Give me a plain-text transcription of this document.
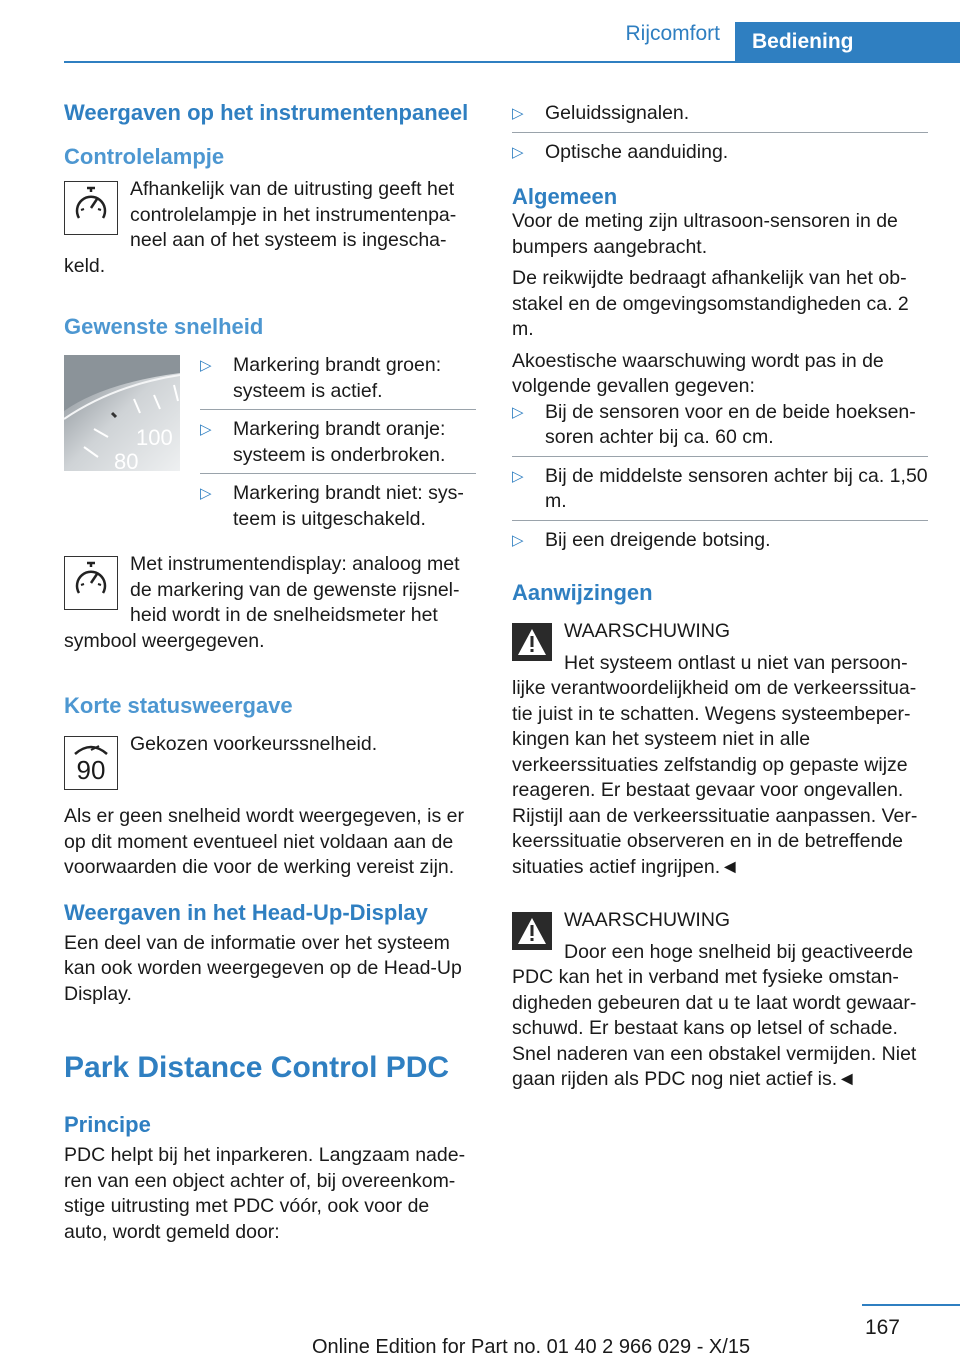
Rijcomfort Bediening
Weergaven op het instrumentenpaneel
Controlelampje

Afhankelijk van de uitrusting geeft het controlelampje in het instrumentenpa-neel aan of het systeem is ingescha-keld.

Gewenste snelheid
100
80
▷ Markering brandt groen: systeem is actief.
▷ Markering brandt oranje: systeem is onderbroken.
▷ Markering brandt niet: sys-teem is uitgeschakeld.

Met instrumentendisplay: analoog met de markering van de gewenste rijsnel-heid wordt in de snelheidsmeter het symbool weergegeven.

Korte statusweergave
90

Gekozen voorkeurssnelheid.

Als er geen snelheid wordt weergegeven, is er op dit moment eventueel niet voldaan aan de voorwaarden die voor de werking vereist zijn.

Weergaven in het Head-Up-Display

Een deel van de informatie over het systeem kan ook worden weergegeven op de Head-Up Display.

Park Distance Control PDC
Principe

PDC helpt bij het inparkeren. Langzaam nade-ren van een object achter of, bij overeenkom-stige uitrusting met PDC vóór, ook voor de auto, wordt gemeld door:

▷ Geluidssignalen.
▷ Optische aanduiding.
Algemeen

Voor de meting zijn ultrasoon-sensoren in de bumpers aangebracht.

De reikwijdte bedraagt afhankelijk van het ob-stakel en de omgevingsomstandigheden ca. 2 m.

Akoestische waarschuwing wordt pas in de volgende gevallen gegeven:

▷ Bij de sensoren voor en de beide hoeksen-soren achter bij ca. 60 cm.
▷ Bij de middelste sensoren achter bij ca. 1,50 m.
▷ Bij een dreigende botsing.
Aanwijzingen
WAARSCHUWING

Het systeem ontlast u niet van persoon-lijke verantwoordelijkheid om de verkeerssitua-tie juist in te schatten. Wegens systeembeper-kingen kan het systeem niet in alle verkeerssituaties zelfstandig op gepaste wijze reageren. Er bestaat gevaar voor ongevallen. Rijstijl aan de verkeerssituatie aanpassen. Ver-keerssituatie observeren en in de betreffende situaties actief ingrijpen.◄

WAARSCHUWING

Door een hoge snelheid bij geactiveerde PDC kan het in verband met fysieke omstan-digheden gebeuren dat u te laat wordt gewaar-schuwd. Er bestaat kans op letsel of schade. Snel naderen van een obstakel vermijden. Niet gaan rijden als PDC nog niet actief is.◄

167
Online Edition for Part no. 01 40 2 966 029 - X/15
